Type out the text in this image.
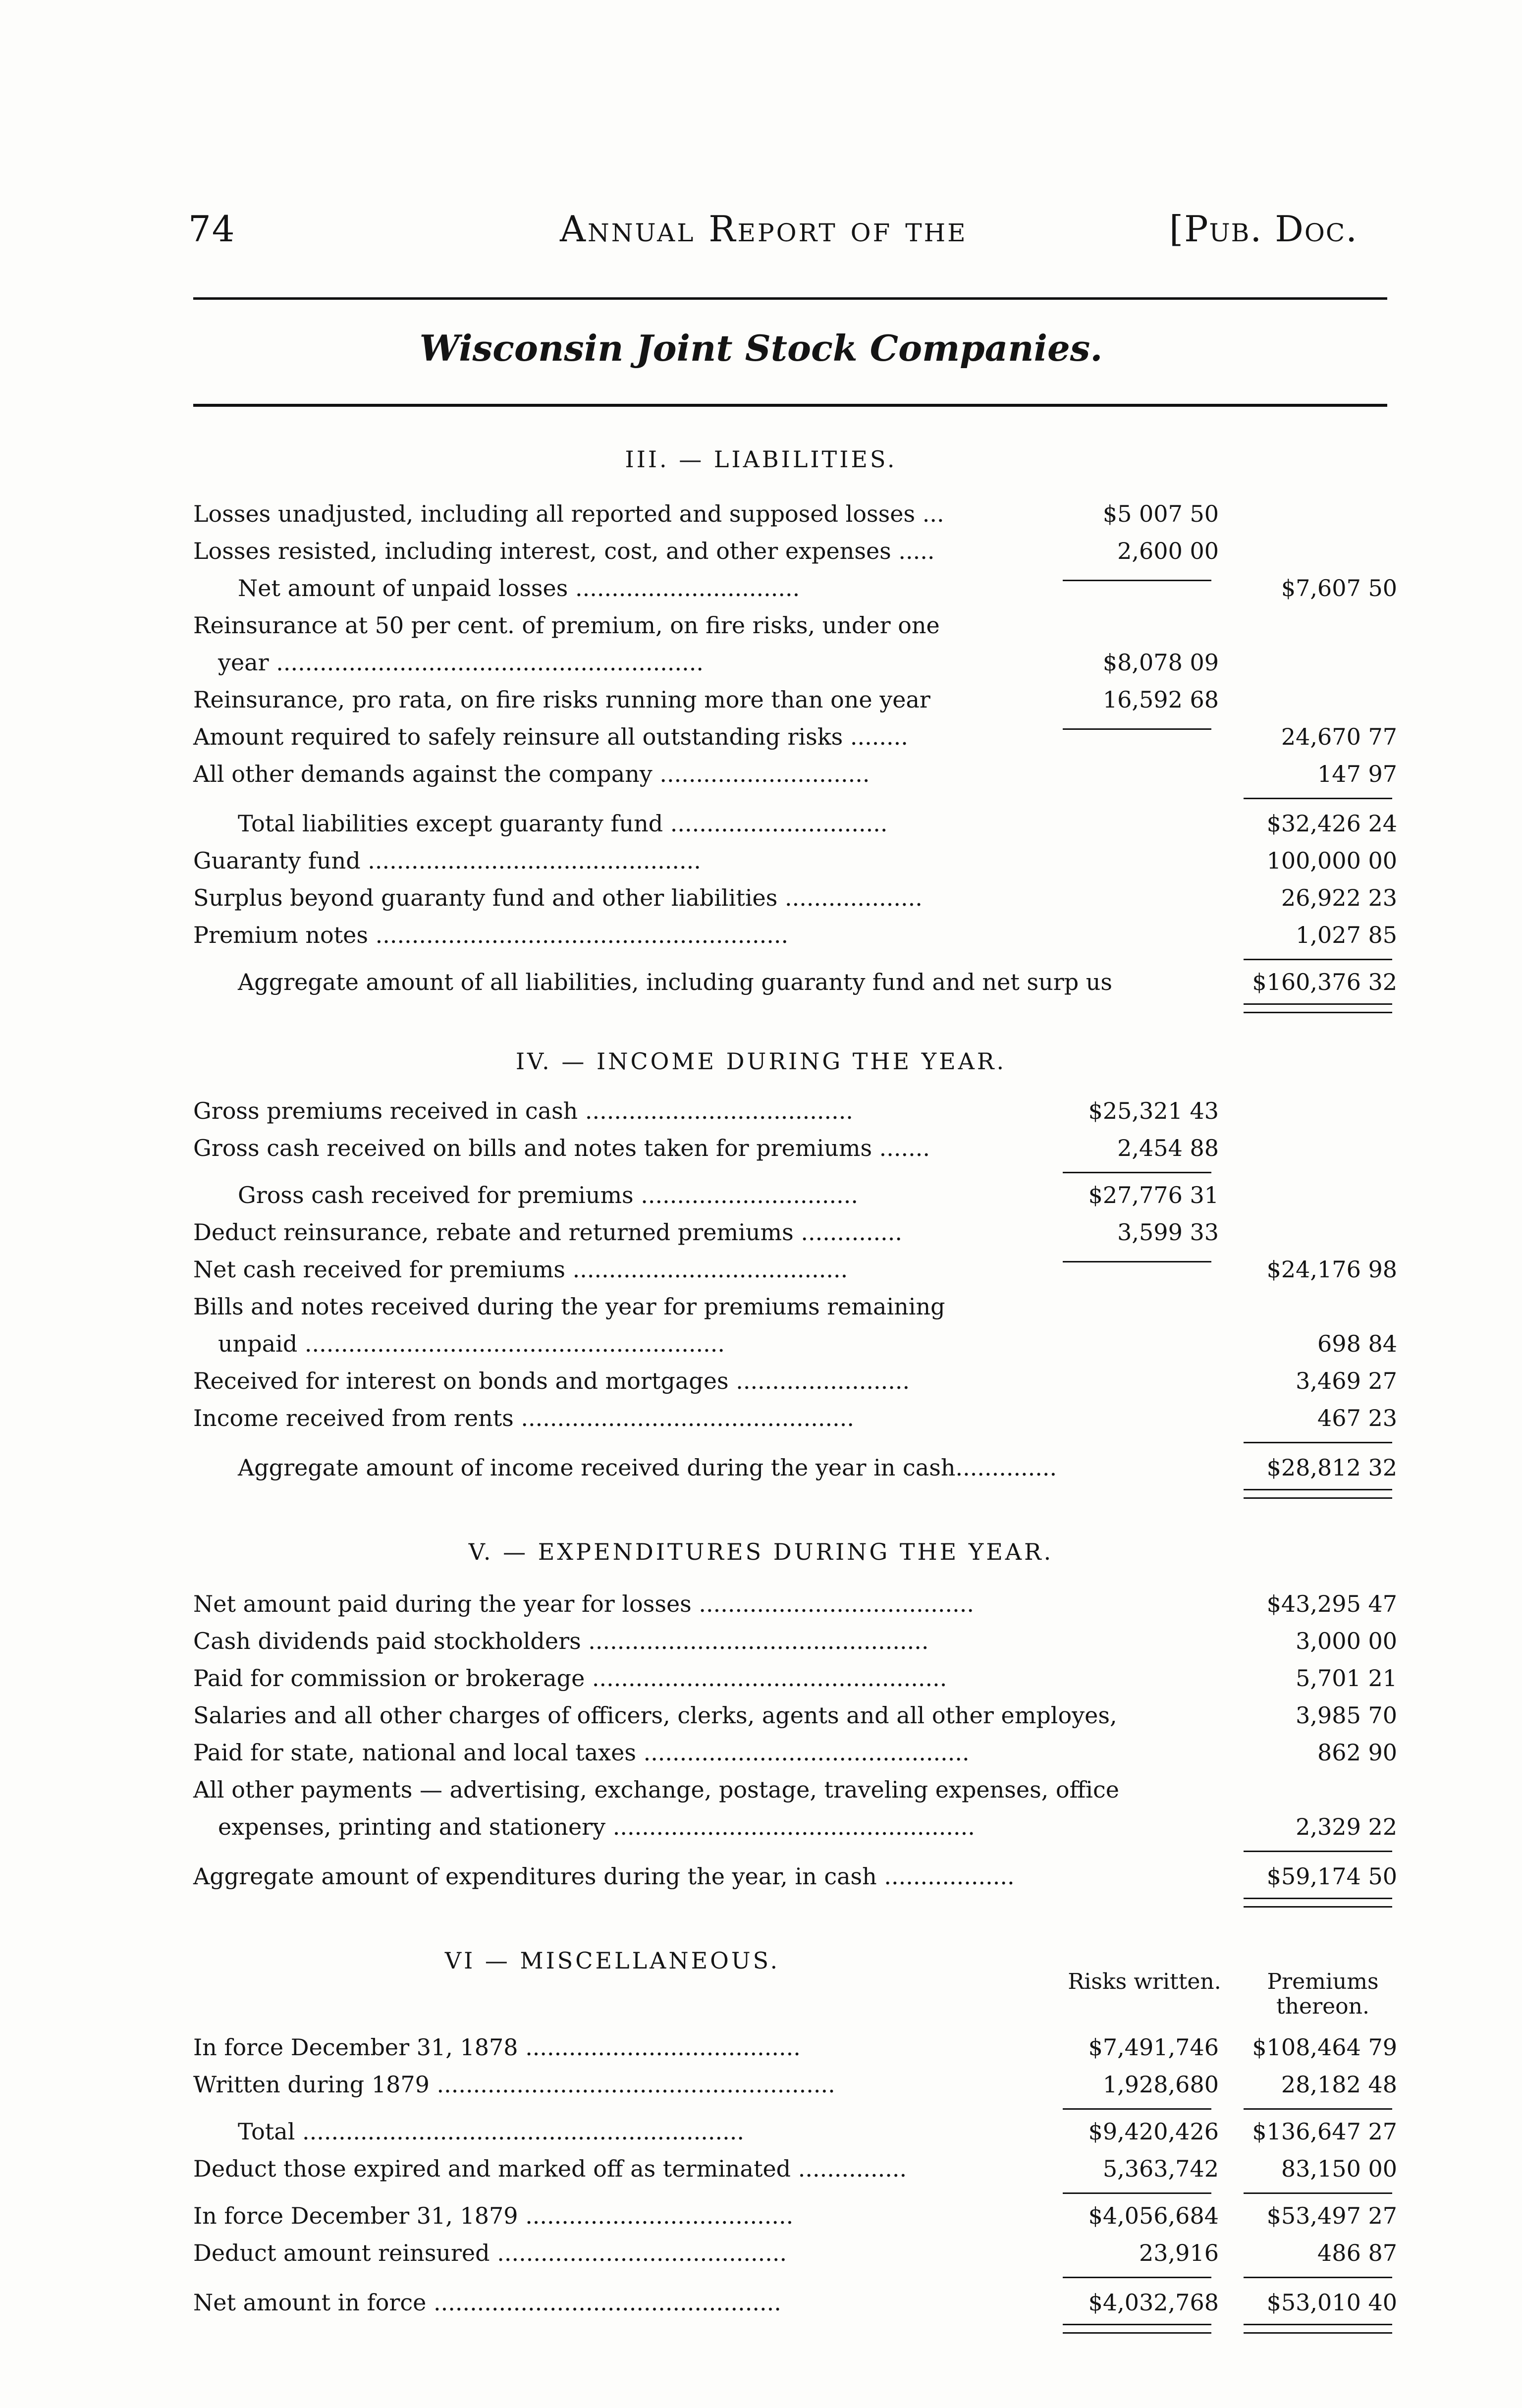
74	Annual Report of the	[Pub. Doc.
Wisconsin Joint Stock Companies.
III. — LIABILITIES.
Losses unadjusted, including all reported and supposed losses ...	$5 007 50
Losses resisted, including interest, cost, and other expenses .....	2,600 00
Net amount of unpaid losses ...............................	$7,607 50
Reinsurance at 50 per cent. of premium, on fire risks, under one
year ...........................................................	$8,078 09
Reinsurance, pro rata, on fire risks running more than one year	16,592 68
Amount required to safely reinsure all outstanding risks ........	24,670 77
All other demands against the company .............................	147 97
Total liabilities except guaranty fund ..............................	$32,426 24
Guaranty fund ..............................................	100,000 00
Surplus beyond guaranty fund and other liabilities ...................	26,922 23
Premium notes .........................................................	1,027 85
Aggregate amount of all liabilities, including guaranty fund and net surp us	$160,376 32
IV. — INCOME DURING THE YEAR.
Gross premiums received in cash .....................................	$25,321 43
Gross cash received on bills and notes taken for premiums .......	2,454 88
Gross cash received for premiums ..............................	$27,776 31
Deduct reinsurance, rebate and returned premiums ..............	3,599 33
Net cash received for premiums ......................................	$24,176 98
Bills and notes received during the year for premiums remaining
unpaid ..........................................................	698 84
Received for interest on bonds and mortgages ........................	3,469 27
Income received from rents ..............................................	467 23
Aggregate amount of income received during the year in cash..............	$28,812 32
V. — EXPENDITURES DURING THE YEAR.
Net amount paid during the year for losses ......................................	$43,295 47
Cash dividends paid stockholders ...............................................	3,000 00
Paid for commission or brokerage .................................................	5,701 21
Salaries and all other charges of officers, clerks, agents and all other employes,	3,985 70
Paid for state, national and local taxes .............................................	862 90
All other payments — advertising, exchange, postage, traveling expenses, office
expenses, printing and stationery ..................................................	2,329 22
Aggregate amount of expenditures during the year, in cash ..................	$59,174 50
VI — MISCELLANEOUS.
Risks written.	Premiums thereon.
In force December 31, 1878 ......................................	$7,491,746 $108,464 79
Written during 1879 .......................................................	1,928,680	28,182 48
Total .............................................................	$9,420,426 $136,647 27
Deduct those expired and marked off as terminated ...............	5,363,742	83,150 00
In force December 31, 1879 .....................................	$4,056,684	$53,497 27
Deduct amount reinsured ........................................	23,916	486 87
Net amount in force ................................................	$4,032,768	$53,010 40
